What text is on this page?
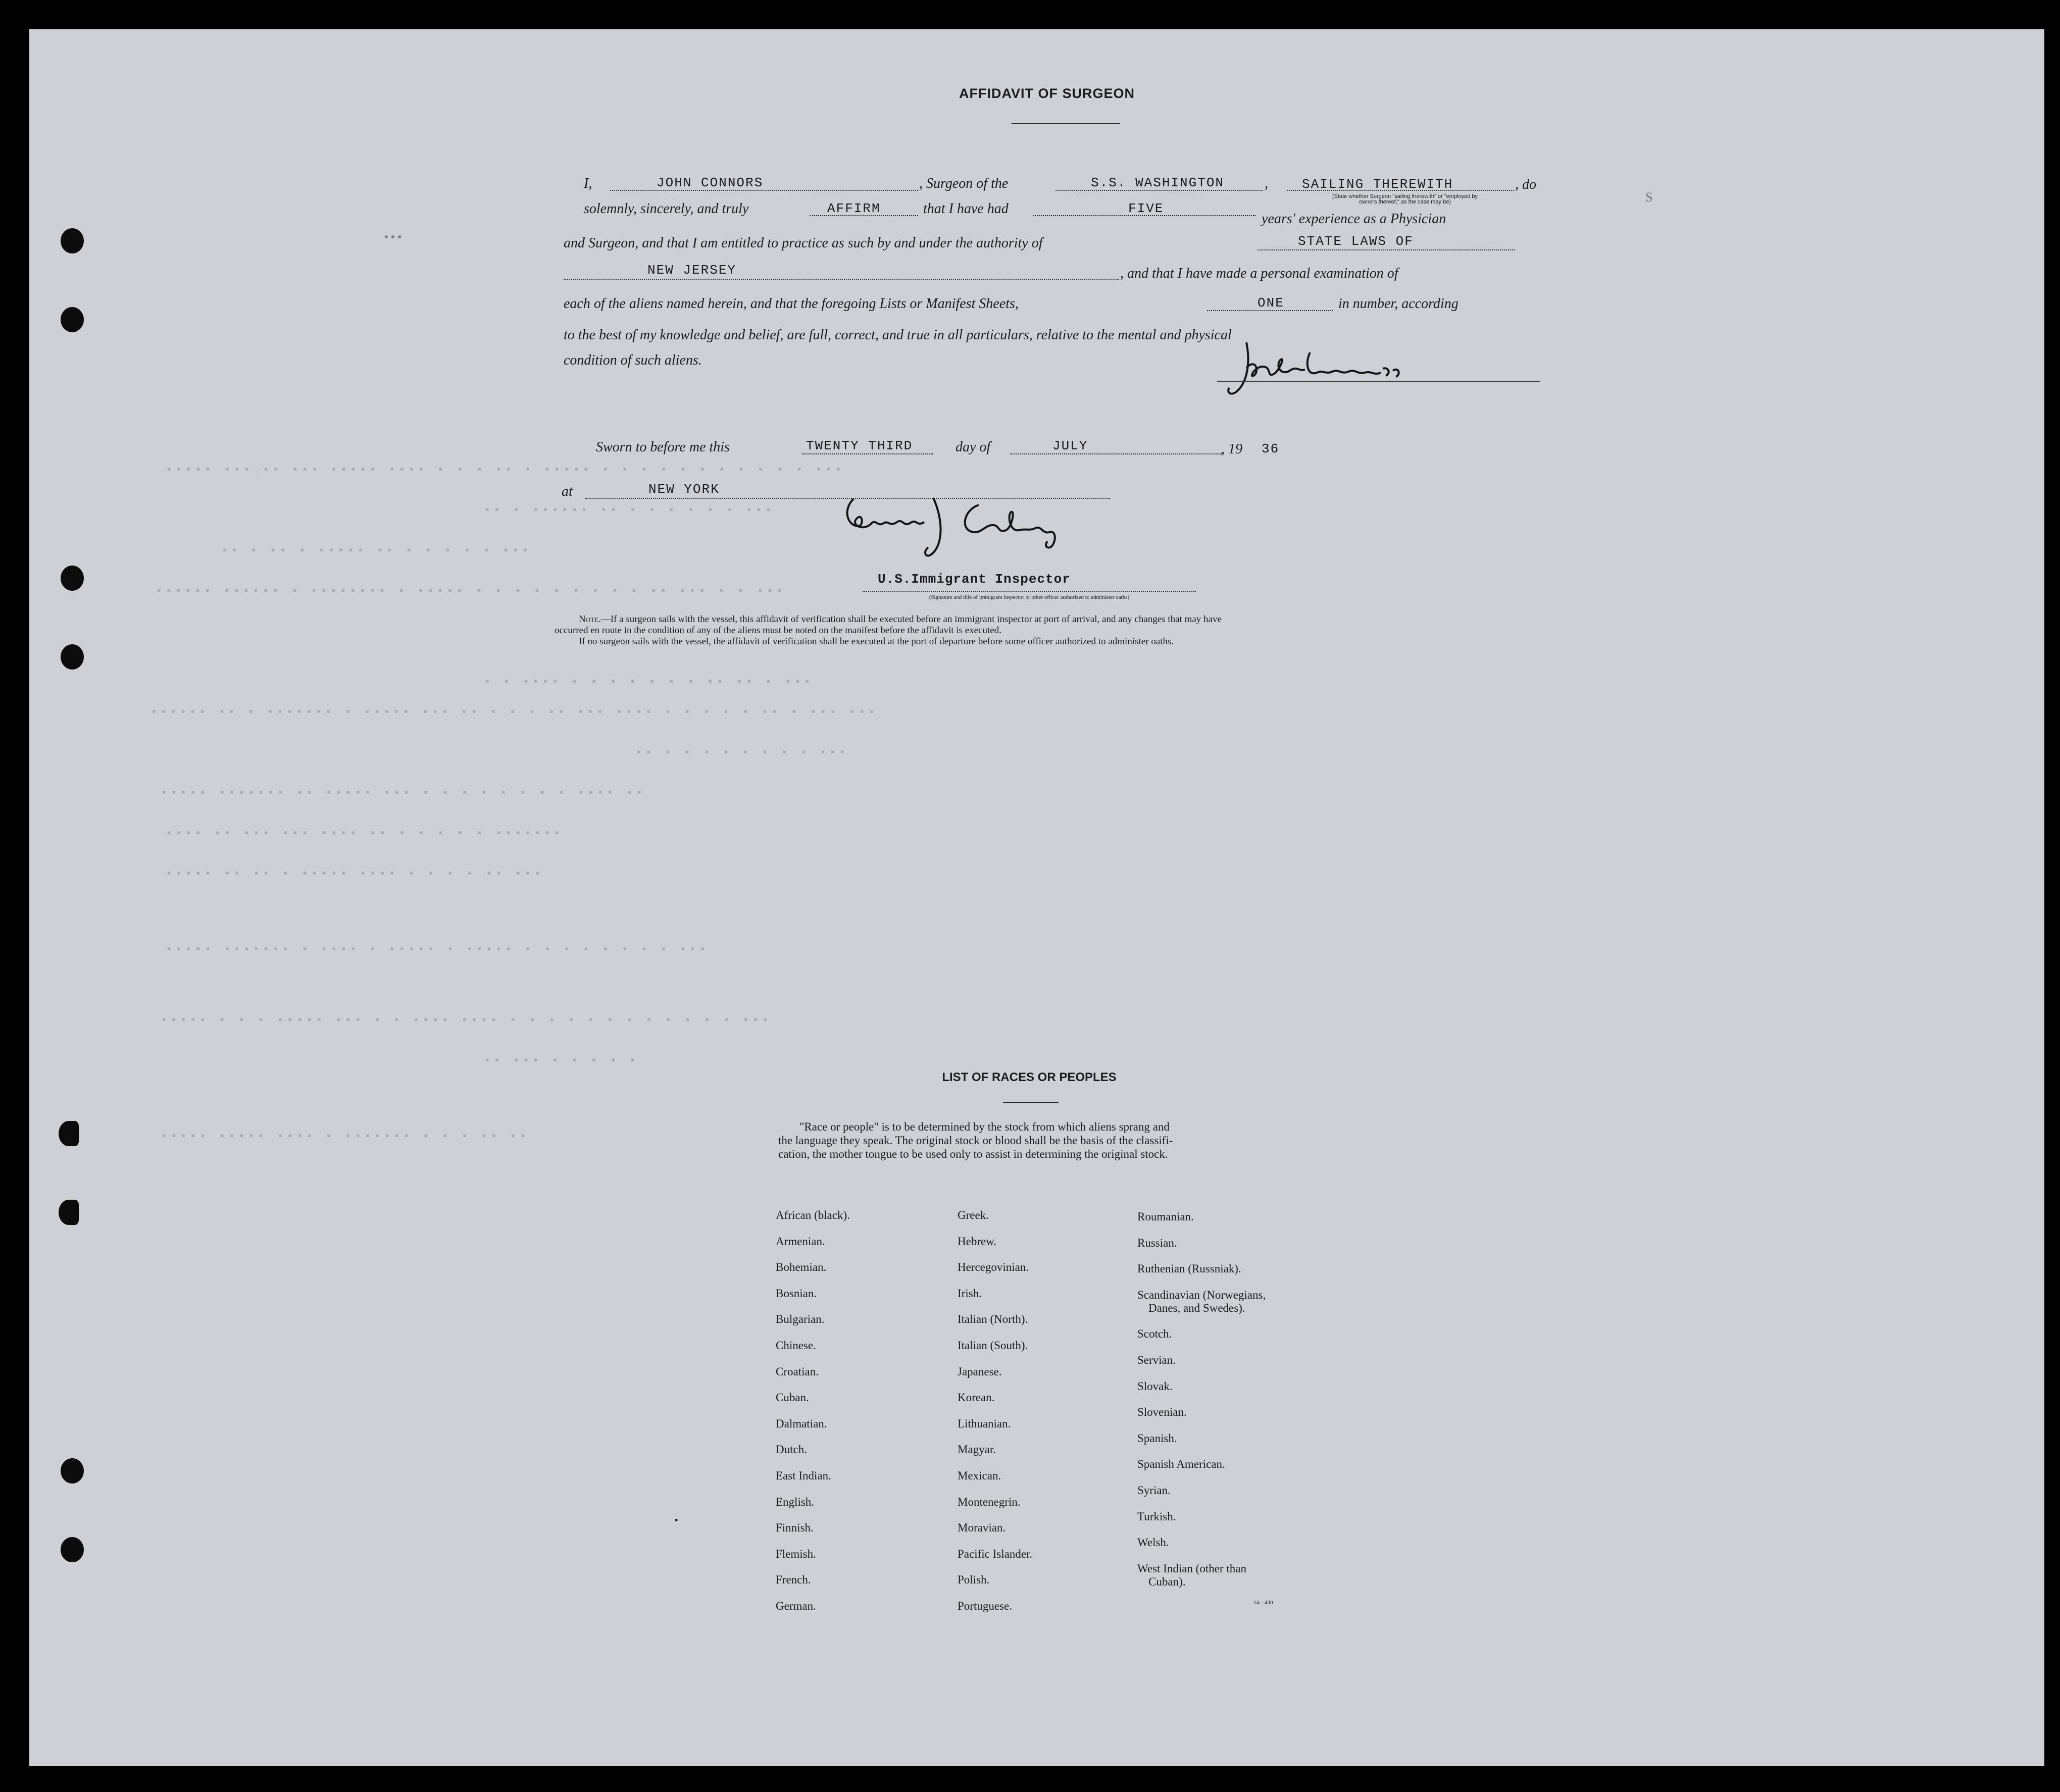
▪▪▪▪▪ ▪▪▪.▪▪ ▪▪▪ ▪▪▪▪▪ ▪▪▪▪ ▪ ▪ ▪ ▪▪ ▪ ▪▪▪▪▪ ▪ ▪ ▪ ▪ ▪ ▪ ▪ ▪ ▪ ▪ ▪ ▪▪▪
▪▪ ▪ ▪▪▪▪▪▪ ▪▪ ▪ ▪ ▪ ▪ ▪ ▪ ▪▪▪
▪▪ ▪ ▪▪ ▪ ▪▪▪▪▪ ▪▪ ▪ ▪ ▪ ▪ ▪ ▪▪▪
▪▪▪▪▪▪ ▪▪▪▪▪▪ ▪ ▪▪▪▪▪▪▪▪ ▪ ▪▪▪▪▪ ▪ ▪ ▪ ▪ ▪ ▪ ▪ ▪ ▪ ▪▪ ▪▪▪ ▪ ▪ ▪▪▪
▪ ▪ ▪▪▪▪ ▪ ▪ ▪ ▪ ▪ ▪ ▪ ▪▪ ▪▪ ▪ ▪▪▪
▪▪▪▪▪▪ ▪▪ ▪ ▪▪▪▪▪▪▪ ▪ ▪▪▪▪▪ ▪▪▪ ▪▪ ▪ ▪ ▪ ▪▪ ▪▪▪ ▪▪▪▪ ▪ ▪ ▪ ▪ ▪ ▪▪ ▪ ▪▪▪ ▪▪▪
▪▪ ▪ ▪ ▪ ▪ ▪ ▪ ▪ ▪ ▪▪▪
▪▪▪▪▪ ▪▪▪▪▪▪▪ ▪▪ ▪▪▪▪▪ ▪▪▪ ▪ ▪ ▪ ▪ ▪ ▪ ▪ ▪ ▪▪▪▪ ▪▪
▪▪▪▪ ▪▪ ▪▪▪ ▪▪▪ ▪▪▪▪ ▪▪ ▪ ▪ ▪ ▪ ▪ ▪▪▪▪▪▪▪
▪▪▪▪▪ ▪▪ ▪▪ ▪ ▪▪▪▪▪ ▪▪▪▪ ▪ ▪ ▪ ▪ ▪▪ ▪▪▪
▪▪▪▪▪ ▪▪▪▪▪▪▪ ▪ ▪▪▪▪ ▪ ▪▪▪▪▪ ▪ ▪▪▪▪▪ ▪ ▪ ▪ ▪ ▪ ▪ ▪ ▪ ▪▪▪
▪▪▪▪▪ ▪ ▪ ▪ ▪▪▪▪▪ ▪▪▪ ▪ ▪ ▪▪▪▪ ▪▪▪▪ ▪ ▪ ▪ ▪ ▪ ▪ ▪ ▪ ▪ ▪ ▪ ▪ ▪▪▪
▪▪ ▪▪▪ ▪ ▪ ▪ ▪ ▪
▪▪▪▪▪ ▪▪▪▪▪ ▪▪▪▪ ▪ ▪▪▪▪▪▪▪ ▪ ▪ ▪ ▪▪ ▪▪
▪▪▪
S
AFFIDAVIT OF SURGEON
I,	JOHN CONNORS	, Surgeon of the	S.S. WASHINGTON	,	SAILING THEREWITH	, do
(State whether Surgeon "sailing therewith" or "employed by
owners thereof," as the case may be)
solemnly, sincerely, and truly	AFFIRM	that I have had	FIVE
years' experience as a Physician
and Surgeon, and that I am entitled to practice as such by and under the authority of	STATE LAWS OF
NEW JERSEY	, and that I have made a personal examination of
each of the aliens named herein, and that the foregoing Lists or Manifest Sheets,	ONE	in number, according
to the best of my knowledge and belief, are full, correct, and true in all particulars, relative to the mental and physical
condition of such aliens.
Sworn to before me this	TWENTY THIRD	day of	JULY	, 19 36
at	NEW YORK
U.S.Immigrant Inspector
(Signature and title of immigrant inspector or other officer authorized to administer oaths)
Note.—If a surgeon sails with the vessel, this affidavit of verification shall be executed before an immigrant inspector at port of arrival, and any changes that may have
occurred en route in the condition of any of the aliens must be noted on the manifest before the affidavit is executed.
If no surgeon sails with the vessel, the affidavit of verification shall be executed at the port of departure before some officer authorized to administer oaths.
LIST OF RACES OR PEOPLES
"Race or people" is to be determined by the stock from which aliens sprang and
the language they speak. The original stock or blood shall be the basis of the classifi-
cation, the mother tongue to be used only to assist in determining the original stock.
African (black).
Armenian.
Bohemian.
Bosnian.
Bulgarian.
Chinese.
Croatian.
Cuban.
Dalmatian.
Dutch.
East Indian.
English.
Finnish.
Flemish.
French.
German.
Greek.
Hebrew.
Hercegovinian.
Irish.
Italian (North).
Italian (South).
Japanese.
Korean.
Lithuanian.
Magyar.
Mexican.
Montenegrin.
Moravian.
Pacific Islander.
Polish.
Portuguese.
Roumanian.
Russian.
Ruthenian (Russniak).
Scandinavian (Norwegians,
Danes, and Swedes).
Scotch.
Servian.
Slovak.
Slovenian.
Spanish.
Spanish American.
Syrian.
Turkish.
Welsh.
West Indian (other than
Cuban).
14—430
▪
